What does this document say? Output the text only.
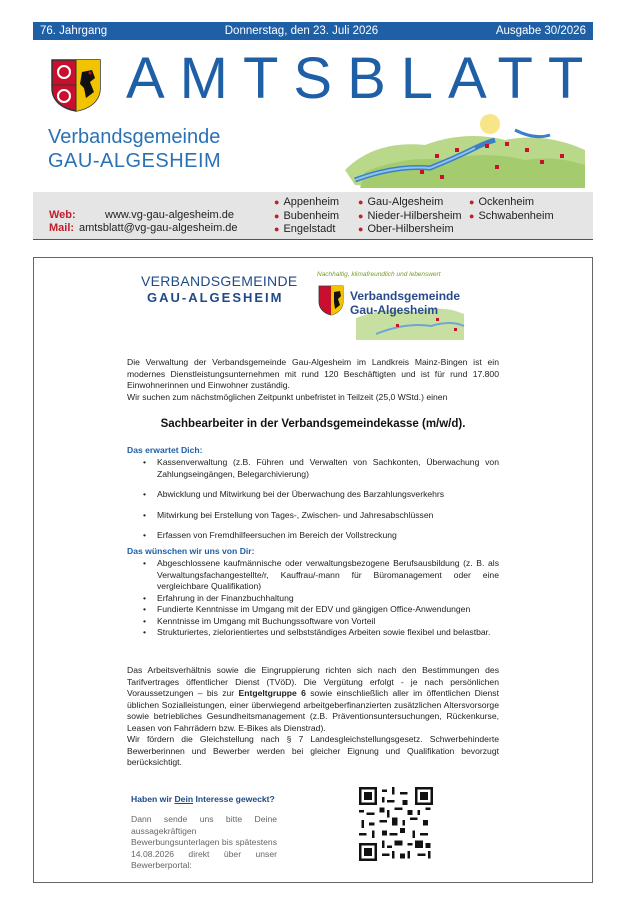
76. Jahrgang	Donnerstag, den 23. Juli 2026	Ausgabe 30/2026
AMTSBLATT
Verbandsgemeinde
GAU-ALGESHEIM
Web:	www.vg-gau-algesheim.de
Mail: amtsblatt@vg-gau-algesheim.de
● Appenheim
● Bubenheim
● Engelstadt
● Gau-Algesheim
● Nieder-Hilbersheim
● Ober-Hilbersheim
● Ockenheim
● Schwabenheim
VERBANDSGEMEINDE
GAU-ALGESHEIM
Nachhaltig, klimafreundlich und lebenswert
Verbandsgemeinde
Gau-Algesheim
Die Verwaltung der Verbandsgemeinde Gau-Algesheim im Landkreis Mainz-Bingen ist ein modernes Dienstleistungsunternehmen mit rund 120 Beschäftigten und ist für rund 17.800 Einwohnerinnen und Einwohner zuständig.
Wir suchen zum nächstmöglichen Zeitpunkt unbefristet in Teilzeit (25,0 WStd.) einen
Sachbearbeiter in der Verbandsgemeindekasse (m/w/d).
Das erwartet Dich:
• Kassenverwaltung (z.B. Führen und Verwalten von Sachkonten, Überwachung von Zahlungseingängen, Belegarchivierung)
• Abwicklung und Mitwirkung bei der Überwachung des Barzahlungsverkehrs
• Mitwirkung bei Erstellung von Tages-, Zwischen- und Jahresabschlüssen
• Erfassen von Fremdhilfeersuchen im Bereich der Vollstreckung
Das wünschen wir uns von Dir:
• Abgeschlossene kaufmännische oder verwaltungsbezogene Berufsausbildung (z. B. als Verwaltungsfachangestellte/r, Kauffrau/-mann für Büromanagement oder eine vergleichbare Qualifikation)
• Erfahrung in der Finanzbuchhaltung
• Fundierte Kenntnisse im Umgang mit der EDV und gängigen Office-Anwendungen
• Kenntnisse im Umgang mit Buchungssoftware von Vorteil
• Strukturiertes, zielorientiertes und selbstständiges Arbeiten sowie flexibel und belastbar.
Das Arbeitsverhältnis sowie die Eingruppierung richten sich nach den Bestimmungen des Tarifvertrages öffentlicher Dienst (TVöD). Die Vergütung erfolgt - je nach persönlichen Voraussetzungen – bis zur Entgeltgruppe 6 sowie einschließlich aller im öffentlichen Dienst üblichen Sozialleistungen, einer überwiegend arbeitgeberfinanzierten zusätzlichen Altersvorsorge sowie betriebliches Gesundheitsmanagement (z.B. Präventionsuntersuchungen, Rückenkurse, Leasen von Fahrrädern bzw. E-Bikes als Dienstrad).
Wir fördern die Gleichstellung nach § 7 Landesgleichstellungsgesetz. Schwerbehinderte Bewerberinnen und Bewerber werden bei gleicher Eignung und Qualifikation bevorzugt berücksichtigt.
Haben wir Dein Interesse geweckt?
Dann sende uns bitte Deine aussagekräftigen Bewerbungsunterlagen bis spätestens 14.08.2026 direkt über unser Bewerberportal:
